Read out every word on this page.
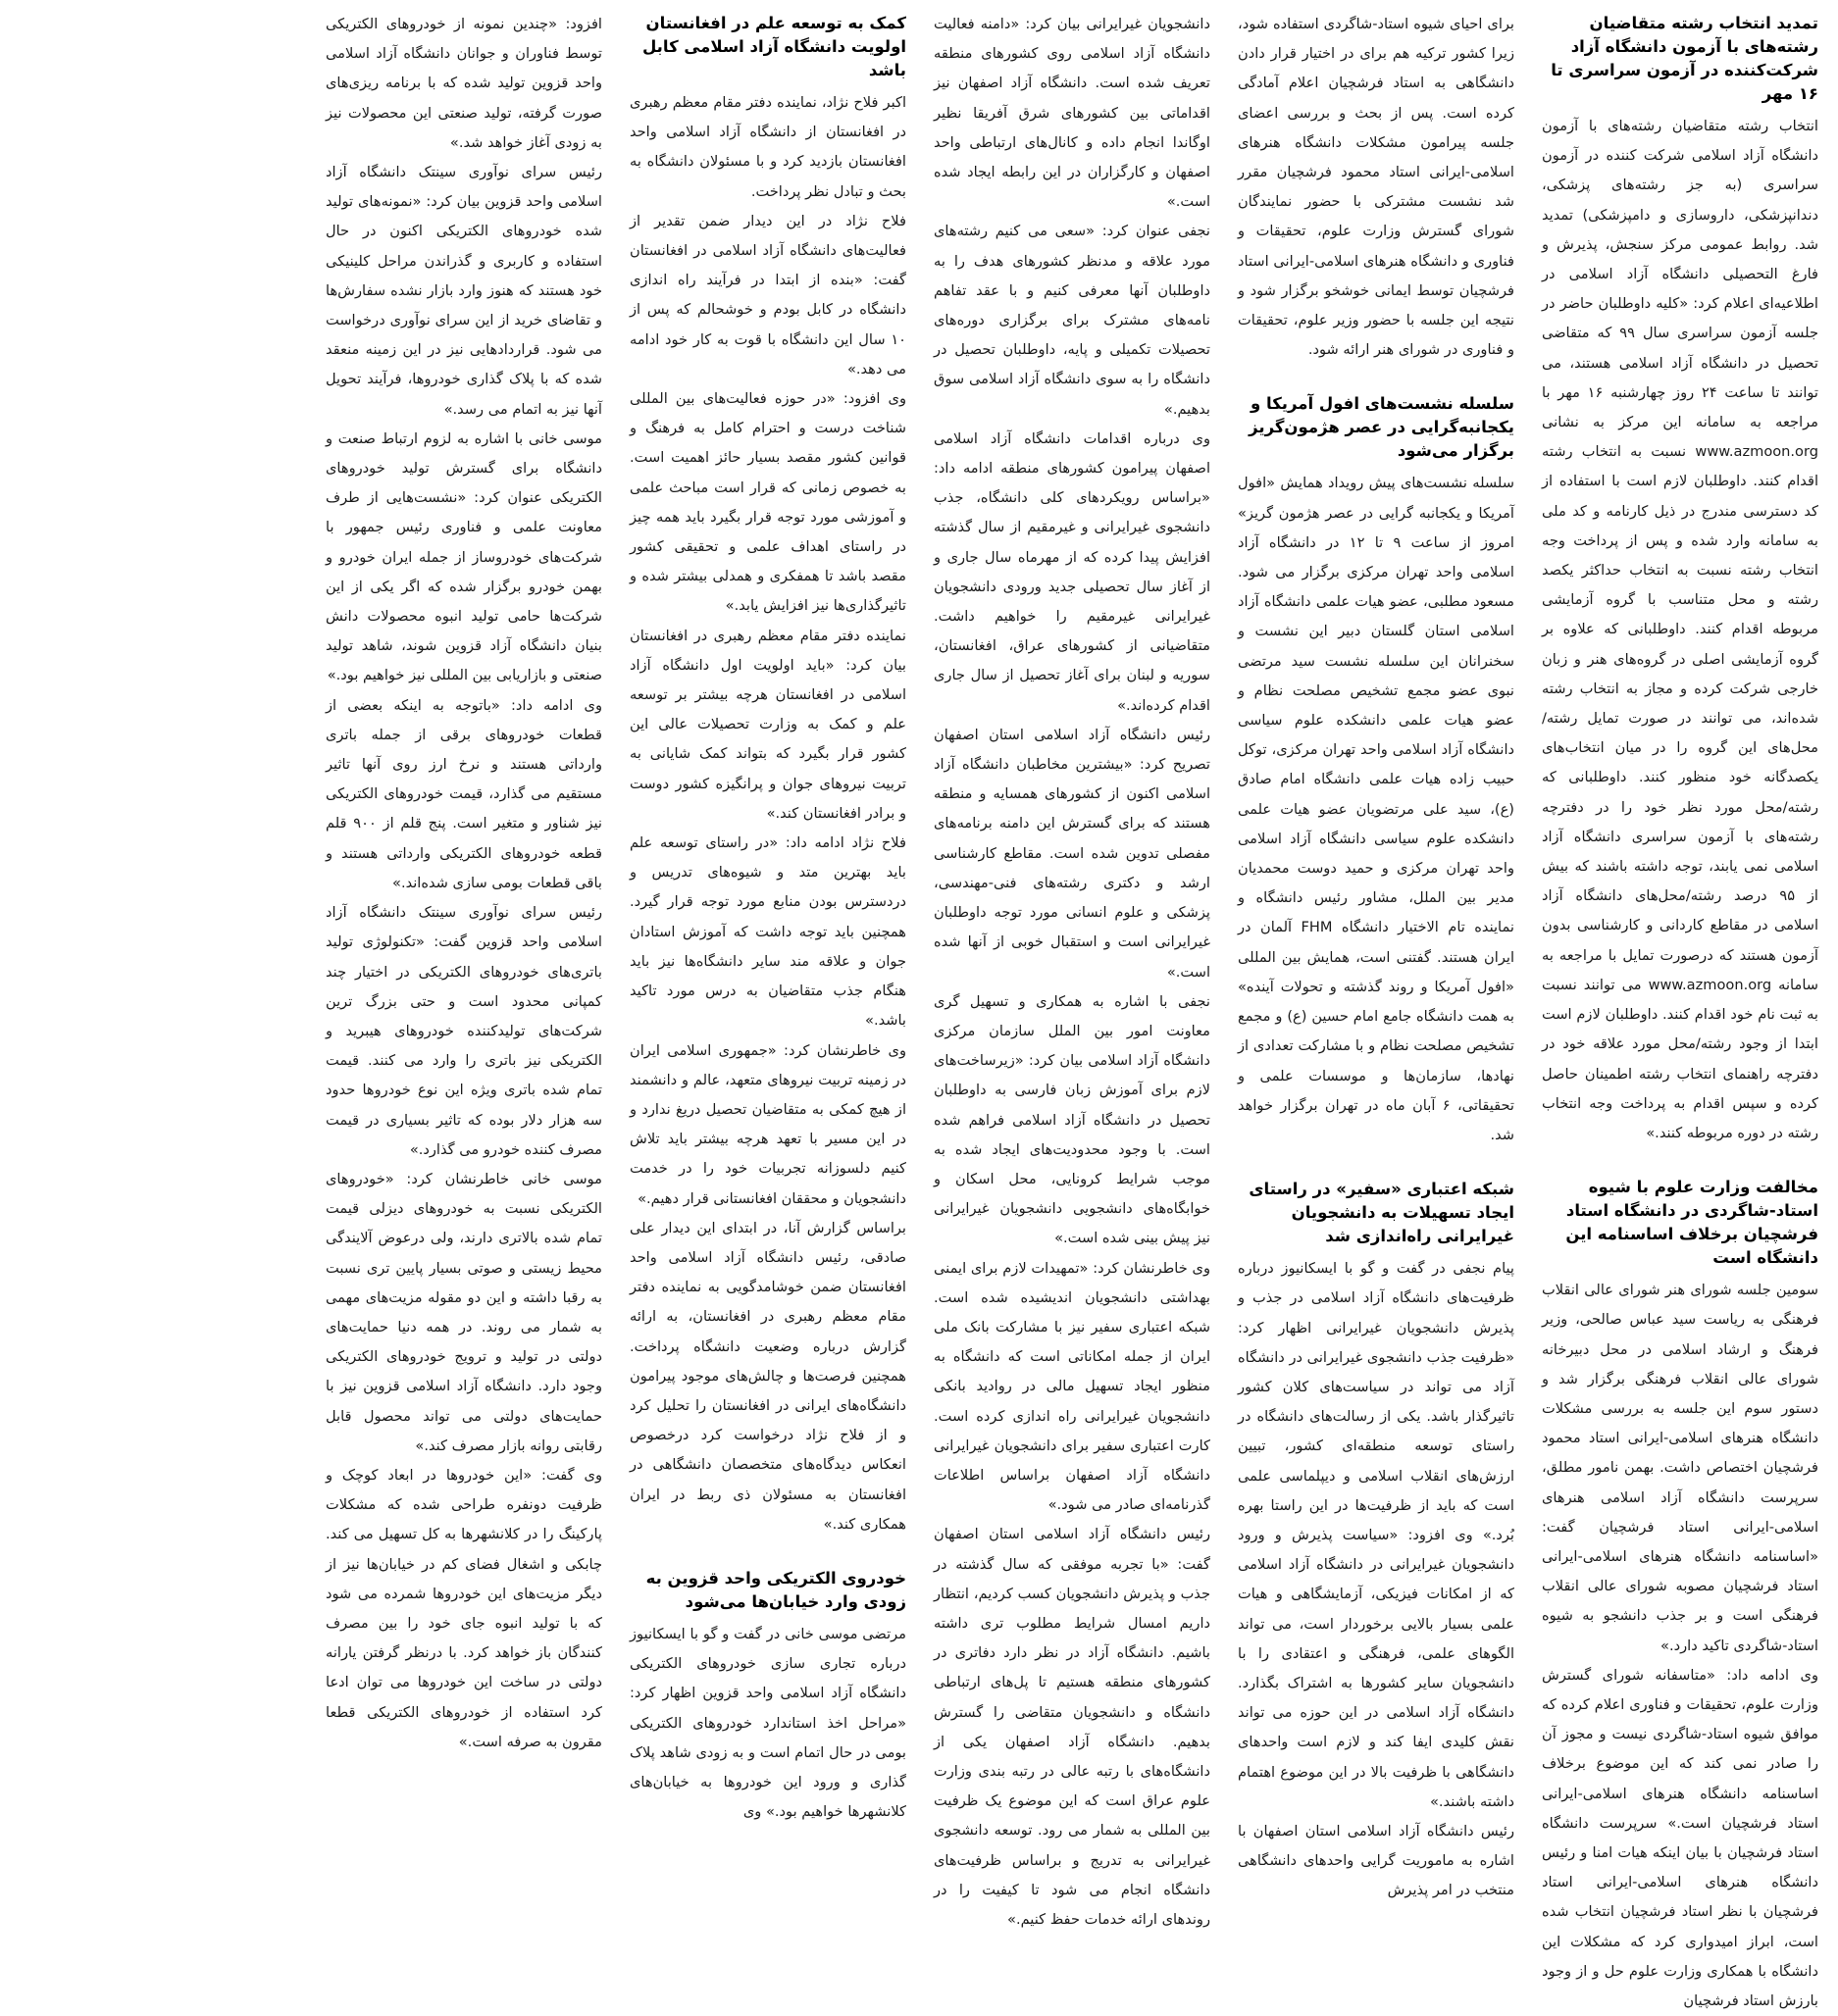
تمدید انتخاب رشته متقاضیان رشته‌های با آزمون دانشگاه آزاد شرکت‌کننده در آزمون سراسری تا ۱۶ مهر

انتخاب رشته متقاضیان رشته‌های با آزمون دانشگاه آزاد اسلامی شرکت کننده در آزمون سراسری (به جز رشته‌های پزشکی، دندانپزشکی، داروسازی و دامپزشکی) تمدید شد. روابط عمومی مرکز سنجش، پذیرش و فارغ التحصیلی دانشگاه آزاد اسلامی در اطلاعیه‌ای اعلام کرد: «کلیه داوطلبان حاضر در جلسه آزمون سراسری سال ۹۹ که متقاضی تحصیل در دانشگاه آزاد اسلامی هستند، می توانند تا ساعت ۲۴ روز چهارشنبه ۱۶ مهر با مراجعه به سامانه این مرکز به نشانی www.azmoon.org نسبت به انتخاب رشته اقدام کنند. داوطلبان لازم است با استفاده از کد دسترسی مندرج در ذیل کارنامه و کد ملی به سامانه وارد شده و پس از پرداخت وجه انتخاب رشته نسبت به انتخاب حداکثر یکصد رشته و محل متناسب با گروه آزمایشی مربوطه اقدام کنند. داوطلبانی که علاوه بر گروه آزمایشی اصلی در گروه‌های هنر و زبان خارجی شرکت کرده و مجاز به انتخاب رشته شده‌اند، می توانند در صورت تمایل رشته/محل‌های این گروه را در میان انتخاب‌های یکصدگانه خود منظور کنند. داوطلبانی که رشته/محل مورد نظر خود را در دفترچه رشته‌های با آزمون سراسری دانشگاه آزاد اسلامی نمی یابند، توجه داشته باشند که بیش از ۹۵ درصد رشته/محل‌های دانشگاه آزاد اسلامی در مقاطع کاردانی و کارشناسی بدون آزمون هستند که درصورت تمایل با مراجعه به سامانه www.azmoon.org می توانند نسبت به ثبت نام خود اقدام کنند. داوطلبان لازم است ابتدا از وجود رشته/محل مورد علاقه خود در دفترچه راهنمای انتخاب رشته اطمینان حاصل کرده و سپس اقدام به پرداخت وجه انتخاب رشته در دوره مربوطه کنند.»

مخالفت وزارت علوم با شیوه استاد-شاگردی در دانشگاه استاد فرشچیان برخلاف اساسنامه این دانشگاه است

سومین جلسه شورای هنر شورای عالی انقلاب فرهنگی به ریاست سید عباس صالحی، وزیر فرهنگ و ارشاد اسلامی در محل دبیرخانه شورای عالی انقلاب فرهنگی برگزار شد و دستور سوم این جلسه به بررسی مشکلات دانشگاه هنرهای اسلامی-ایرانی استاد محمود فرشچیان اختصاص داشت. بهمن نامور مطلق، سرپرست دانشگاه آزاد اسلامی هنرهای اسلامی-ایرانی استاد فرشچیان گفت: «اساسنامه دانشگاه هنرهای اسلامی-ایرانی استاد فرشچیان مصوبه شورای عالی انقلاب فرهنگی است و بر جذب دانشجو به شیوه استاد-شاگردی تاکید دارد.»

وی ادامه داد: «متاسفانه شورای گسترش وزارت علوم، تحقیقات و فناوری اعلام کرده که موافق شیوه استاد-شاگردی نیست و مجوز آن را صادر نمی کند که این موضوع برخلاف اساسنامه دانشگاه هنرهای اسلامی-ایرانی استاد فرشچیان است.» سرپرست دانشگاه استاد فرشچیان با بیان اینکه هیات امنا و رئیس دانشگاه هنرهای اسلامی-ایرانی استاد فرشچیان با نظر استاد فرشچیان انتخاب شده است، ابراز امیدواری کرد که مشکلات این دانشگاه با همکاری وزارت علوم حل و از وجود بارزش استاد فرشچیان

برای احیای شیوه استاد-شاگردی استفاده شود، زیرا کشور ترکیه هم برای در اختیار قرار دادن دانشگاهی به استاد فرشچیان اعلام آمادگی کرده است. پس از بحث و بررسی اعضای جلسه پیرامون مشکلات دانشگاه هنرهای اسلامی-ایرانی استاد محمود فرشچیان مقرر شد نشست مشترکی با حضور نمایندگان شورای گسترش وزارت علوم، تحقیقات و فناوری و دانشگاه هنرهای اسلامی-ایرانی استاد فرشچیان توسط ایمانی خوشخو برگزار شود و نتیجه این جلسه با حضور وزیر علوم، تحقیقات و فناوری در شورای هنر ارائه شود.

سلسله نشست‌های افول آمریکا و یکجانبه‌گرایی در عصر هژمون‌گریز برگزار می‌شود

سلسله نشست‌های پیش رویداد همایش «افول آمریکا و یکجانبه گرایی در عصر هژمون گریز» امروز از ساعت ۹ تا ۱۲ در دانشگاه آزاد اسلامی واحد تهران مرکزی برگزار می شود. مسعود مطلبی، عضو هیات علمی دانشگاه آزاد اسلامی استان گلستان دبیر این نشست و سخنرانان این سلسله نشست سید مرتضی نبوی عضو مجمع تشخیص مصلحت نظام و عضو هیات علمی دانشکده علوم سیاسی دانشگاه آزاد اسلامی واحد تهران مرکزی، توکل حبیب زاده هیات علمی دانشگاه امام صادق (ع)، سید علی مرتضویان عضو هیات علمی دانشکده علوم سیاسی دانشگاه آزاد اسلامی واحد تهران مرکزی و حمید دوست محمدیان مدیر بین الملل، مشاور رئیس دانشگاه و نماینده تام الاختیار دانشگاه FHM آلمان در ایران هستند. گفتنی است، همایش بین المللی «افول آمریکا و روند گذشته و تحولات آینده» به همت دانشگاه جامع امام حسین (ع) و مجمع تشخیص مصلحت نظام و با مشارکت تعدادی از نهادها، سازمان‌ها و موسسات علمی و تحقیقاتی، ۶ آبان ماه در تهران برگزار خواهد شد.

شبکه اعتباری «سفیر» در راستای ایجاد تسهیلات به دانشجویان غیرایرانی راه‌اندازی شد

پیام نجفی در گفت و گو با ایسکانیوز درباره ظرفیت‌های دانشگاه آزاد اسلامی در جذب و پذیرش دانشجویان غیرایرانی اظهار کرد: «ظرفیت جذب دانشجوی غیرایرانی در دانشگاه آزاد می تواند در سیاست‌های کلان کشور تاثیرگذار باشد. یکی از رسالت‌های دانشگاه در راستای توسعه منطقه‌ای کشور، تبیین ارزش‌های انقلاب اسلامی و دیپلماسی علمی است که باید از ظرفیت‌ها در این راستا بهره بُرد.» وی افزود: «سیاست پذیرش و ورود دانشجویان غیرایرانی در دانشگاه آزاد اسلامی که از امکانات فیزیکی، آزمایشگاهی و هیات علمی بسیار بالایی برخوردار است، می تواند الگوهای علمی، فرهنگی و اعتقادی را با دانشجویان سایر کشورها به اشتراک بگذارد. دانشگاه آزاد اسلامی در این حوزه می تواند نقش کلیدی ایفا کند و لازم است واحدهای دانشگاهی با ظرفیت بالا در این موضوع اهتمام داشته باشند.»

رئیس دانشگاه آزاد اسلامی استان اصفهان با اشاره به ماموریت گرایی واحدهای دانشگاهی منتخب در امر پذیرش

دانشجویان غیرایرانی بیان کرد: «دامنه فعالیت دانشگاه آزاد اسلامی روی کشورهای منطقه تعریف شده است. دانشگاه آزاد اصفهان نیز اقداماتی بین کشورهای شرق آفریقا نظیر اوگاندا انجام داده و کانال‌های ارتباطی واحد اصفهان و کارگزاران در این رابطه ایجاد شده است.»

نجفی عنوان کرد: «سعی می کنیم رشته‌های مورد علاقه و مدنظر کشورهای هدف را به داوطلبان آنها معرفی کنیم و با عقد تفاهم نامه‌های مشترک برای برگزاری دوره‌های تحصیلات تکمیلی و پایه، داوطلبان تحصیل در دانشگاه را به سوی دانشگاه آزاد اسلامی سوق بدهیم.»

وی درباره اقدامات دانشگاه آزاد اسلامی اصفهان پیرامون کشورهای منطقه ادامه داد: «براساس رویکردهای کلی دانشگاه، جذب دانشجوی غیرایرانی و غیرمقیم از سال گذشته افزایش پیدا کرده که از مهرماه سال جاری و از آغاز سال تحصیلی جدید ورودی دانشجویان غیرایرانی غیرمقیم را خواهیم داشت. متقاضیانی از کشورهای عراق، افغانستان، سوریه و لبنان برای آغاز تحصیل از سال جاری اقدام کرده‌اند.»

رئیس دانشگاه آزاد اسلامی استان اصفهان تصریح کرد: «بیشترین مخاطبان دانشگاه آزاد اسلامی اکنون از کشورهای همسایه و منطقه هستند که برای گسترش این دامنه برنامه‌های مفصلی تدوین شده است. مقاطع کارشناسی ارشد و دکتری رشته‌های فنی-مهندسی، پزشکی و علوم انسانی مورد توجه داوطلبان غیرایرانی است و استقبال خوبی از آنها شده است.»

نجفی با اشاره به همکاری و تسهیل گری معاونت امور بین الملل سازمان مرکزی دانشگاه آزاد اسلامی بیان کرد: «زیرساخت‌های لازم برای آموزش زبان فارسی به داوطلبان تحصیل در دانشگاه آزاد اسلامی فراهم شده است. با وجود محدودیت‌های ایجاد شده به موجب شرایط کرونایی، محل اسکان و خوابگاه‌های دانشجویی دانشجویان غیرایرانی نیز پیش بینی شده است.»

وی خاطرنشان کرد: «تمهیدات لازم برای ایمنی بهداشتی دانشجویان اندیشیده شده است. شبکه اعتباری سفیر نیز با مشارکت بانک ملی ایران از جمله امکاناتی است که دانشگاه به منظور ایجاد تسهیل مالی در روادید بانکی دانشجویان غیرایرانی راه اندازی کرده است. کارت اعتباری سفیر برای دانشجویان غیرایرانی دانشگاه آزاد اصفهان براساس اطلاعات گذرنامه‌ای صادر می شود.»

رئیس دانشگاه آزاد اسلامی استان اصفهان گفت: «با تجربه موفقی که سال گذشته در جذب و پذیرش دانشجویان کسب کردیم، انتظار داریم امسال شرایط مطلوب تری داشته باشیم. دانشگاه آزاد در نظر دارد دفاتری در کشورهای منطقه هستیم تا پل‌های ارتباطی دانشگاه و دانشجویان متقاضی را گسترش بدهیم. دانشگاه آزاد اصفهان یکی از دانشگاه‌های با رتبه عالی در رتبه بندی وزارت علوم عراق است که این موضوع یک ظرفیت بین المللی به شمار می رود. توسعه دانشجوی غیرایرانی به تدریج و براساس ظرفیت‌های دانشگاه انجام می شود تا کیفیت را در روندهای ارائه خدمات حفظ کنیم.»

کمک به توسعه علم در افغانستان اولویت دانشگاه آزاد اسلامی کابل باشد

اکبر فلاح نژاد، نماینده دفتر مقام معظم رهبری در افغانستان از دانشگاه آزاد اسلامی واحد افغانستان بازدید کرد و با مسئولان دانشگاه به بحث و تبادل نظر پرداخت.

فلاح نژاد در این دیدار ضمن تقدیر از فعالیت‌های دانشگاه آزاد اسلامی در افغانستان گفت: «بنده از ابتدا در فرآیند راه اندازی دانشگاه در کابل بودم و خوشحالم که پس از ۱۰ سال این دانشگاه با قوت به کار خود ادامه می دهد.»

وی افزود: «در حوزه فعالیت‌های بین المللی شناخت درست و احترام کامل به فرهنگ و قوانین کشور مقصد بسیار حائز اهمیت است. به خصوص زمانی که قرار است مباحث علمی و آموزشی مورد توجه قرار بگیرد باید همه چیز در راستای اهداف علمی و تحقیقی کشور مقصد باشد تا همفکری و همدلی بیشتر شده و تاثیرگذاری‌ها نیز افزایش یابد.»

نماینده دفتر مقام معظم رهبری در افغانستان بیان کرد: «باید اولویت اول دانشگاه آزاد اسلامی در افغانستان هرچه بیشتر بر توسعه علم و کمک به وزارت تحصیلات عالی این کشور قرار بگیرد که بتواند کمک شایانی به تربیت نیروهای جوان و پرانگیزه کشور دوست و برادر افغانستان کند.»

فلاح نژاد ادامه داد: «در راستای توسعه علم باید بهترین متد و شیوه‌های تدریس و دردسترس بودن منابع مورد توجه قرار گیرد. همچنین باید توجه داشت که آموزش استادان جوان و علاقه مند سایر دانشگاه‌ها نیز باید هنگام جذب متقاضیان به درس مورد تاکید باشد.»

وی خاطرنشان کرد: «جمهوری اسلامی ایران در زمینه تربیت نیروهای متعهد، عالم و دانشمند از هیچ کمکی به متقاضیان تحصیل دریغ ندارد و در این مسیر با تعهد هرچه بیشتر باید تلاش کنیم دلسوزانه تجربیات خود را در خدمت دانشجویان و محققان افغانستانی قرار دهیم.»

براساس گزارش آنا، در ابتدای این دیدار علی صادقی، رئیس دانشگاه آزاد اسلامی واحد افغانستان ضمن خوشامدگویی به نماینده دفتر مقام معظم رهبری در افغانستان، به ارائه گزارش درباره وضعیت دانشگاه پرداخت. همچنین فرصت‌ها و چالش‌های موجود پیرامون دانشگاه‌های ایرانی در افغانستان را تحلیل کرد و از فلاح نژاد درخواست کرد درخصوص انعکاس دیدگاه‌های متخصصان دانشگاهی در افغانستان به مسئولان ذی ربط در ایران همکاری کند.»

خودروی الکتریکی واحد قزوین به زودی وارد خیابان‌ها می‌شود

مرتضی موسی خانی در گفت و گو با ایسکانیوز درباره تجاری سازی خودروهای الکتریکی دانشگاه آزاد اسلامی واحد قزوین اظهار کرد: «مراحل اخذ استاندارد خودروهای الکتریکی بومی در حال اتمام است و به زودی شاهد پلاک گذاری و ورود این خودروها به خیابان‌های کلانشهرها خواهیم بود.» وی

افزود: «چندین نمونه از خودروهای الکتریکی توسط فناوران و جوانان دانشگاه آزاد اسلامی واحد قزوین تولید شده که با برنامه ریزی‌های صورت گرفته، تولید صنعتی این محصولات نیز به زودی آغاز خواهد شد.»

رئیس سرای نوآوری سینتک دانشگاه آزاد اسلامی واحد قزوین بیان کرد: «نمونه‌های تولید شده خودروهای الکتریکی اکنون در حال استفاده و کاربری و گذراندن مراحل کلینیکی خود هستند که هنوز وارد بازار نشده سفارش‌ها و تقاضای خرید از این سرای نوآوری درخواست می شود. قرارداد‌هایی نیز در این زمینه منعقد شده که با پلاک گذاری خودروها، فرآیند تحویل آنها نیز به اتمام می رسد.»

موسی خانی با اشاره به لزوم ارتباط صنعت و دانشگاه برای گسترش تولید خودروهای الکتریکی عنوان کرد: «نشست‌هایی از طرف معاونت علمی و فناوری رئیس جمهور با شرکت‌های خودروساز از جمله ایران خودرو و بهمن خودرو برگزار شده که اگر یکی از این شرکت‌ها حامی تولید انبوه محصولات دانش بنیان دانشگاه آزاد قزوین شوند، شاهد تولید صنعتی و بازاریابی بین المللی نیز خواهیم بود.»

وی ادامه داد: «باتوجه به اینکه بعضی از قطعات خودروهای برقی از جمله باتری وارداتی هستند و نرخ ارز روی آنها تاثیر مستقیم می گذارد، قیمت خودروهای الکتریکی نیز شناور و متغیر است. پنج قلم از ۹۰۰ قلم قطعه خودروهای الکتریکی وارداتی هستند و باقی قطعات بومی سازی شده‌اند.»

رئیس سرای نوآوری سینتک دانشگاه آزاد اسلامی واحد قزوین گفت: «تکنولوژی تولید باتری‌های خودروهای الکتریکی در اختیار چند کمپانی محدود است و حتی بزرگ ترین شرکت‌های تولیدکننده خودروهای هیبرید و الکتریکی نیز باتری را وارد می کنند. قیمت تمام شده باتری ویژه این نوع خودروها حدود سه هزار دلار بوده که تاثیر بسیاری در قیمت مصرف کننده خودرو می گذارد.»

موسی خانی خاطرنشان کرد: «خودروهای الکتریکی نسبت به خودروهای دیزلی قیمت تمام شده بالاتری دارند، ولی درعوض آلایندگی محیط زیستی و صوتی بسیار پایین تری نسبت به رقبا داشته و این دو مقوله مزیت‌های مهمی به شمار می روند. در همه دنیا حمایت‌های دولتی در تولید و ترویج خودروهای الکتریکی وجود دارد. دانشگاه آزاد اسلامی قزوین نیز با حمایت‌های دولتی می تواند محصول قابل رقابتی روانه بازار مصرف کند.»

وی گفت: «این خودروها در ابعاد کوچک و ظرفیت دونفره طراحی شده که مشکلات پارکینگ را در کلانشهرها به کل تسهیل می کند. چابکی و اشغال فضای کم در خیابان‌ها نیز از دیگر مزیت‌های این خودروها شمرده می شود که با تولید انبوه جای خود را بین مصرف کنندگان باز خواهد کرد. با درنظر گرفتن یارانه دولتی در ساخت این خودروها می توان ادعا کرد استفاده از خودروهای الکتریکی قطعا مقرون به صرفه است.»
